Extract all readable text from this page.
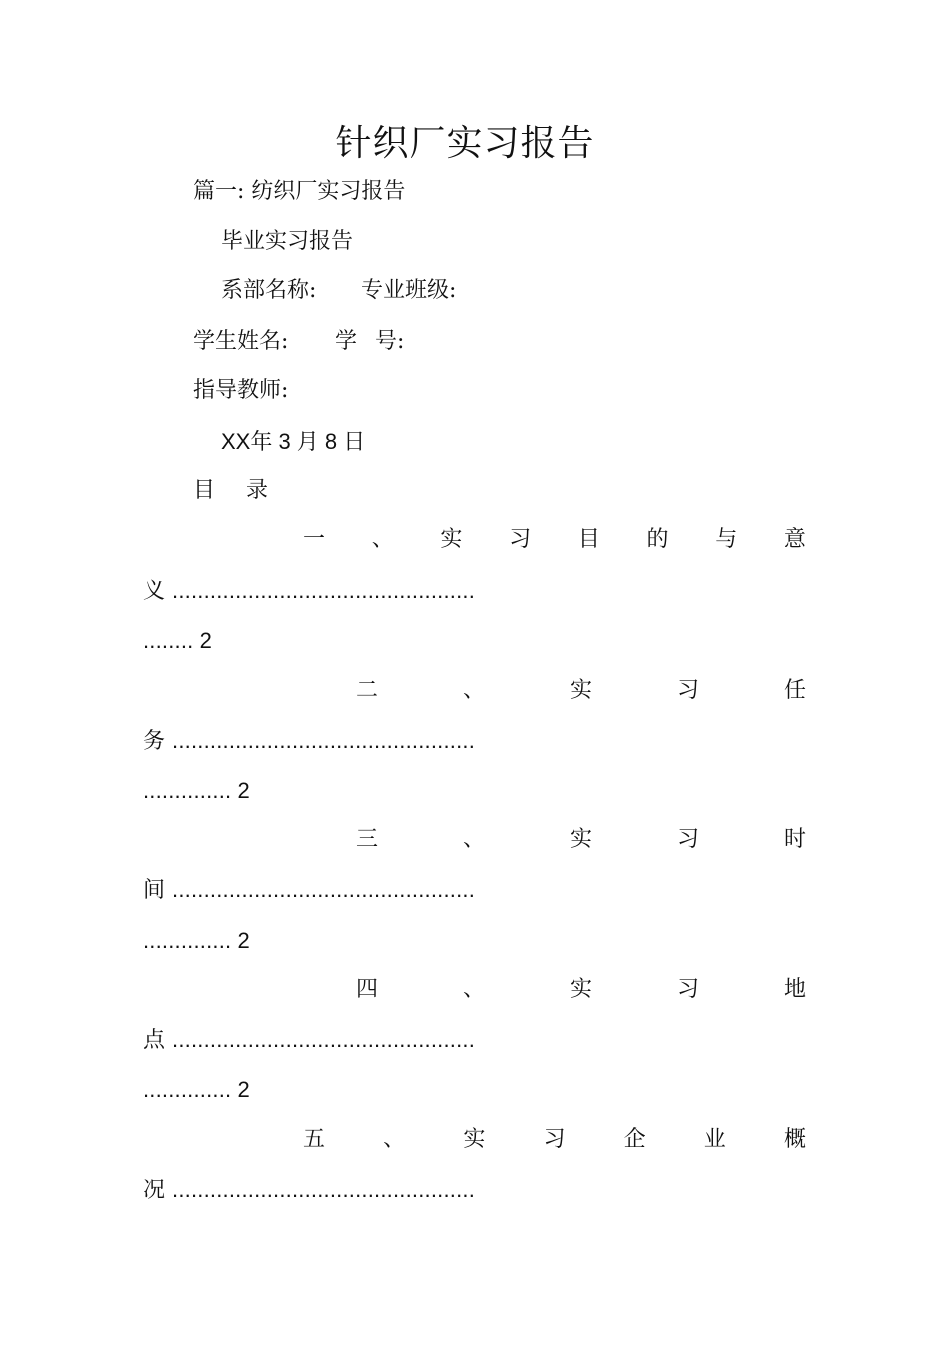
针织厂实习报告
篇一: 纺织厂实习报告
毕业实习报告
系部名称: 专业班级:
学生姓名: 学 号:
指导教师:
XX年 3 月 8 日
目 录
一 、 实 习 目 的 与 意
义 ................................................
........ 2
二	、	实	习	任
务 ................................................
.............. 2
三	、	实	习	时
间 ................................................
.............. 2
四	、	实	习	地
点 ................................................
.............. 2
五	、	实	习	企	业	概
况 ................................................
